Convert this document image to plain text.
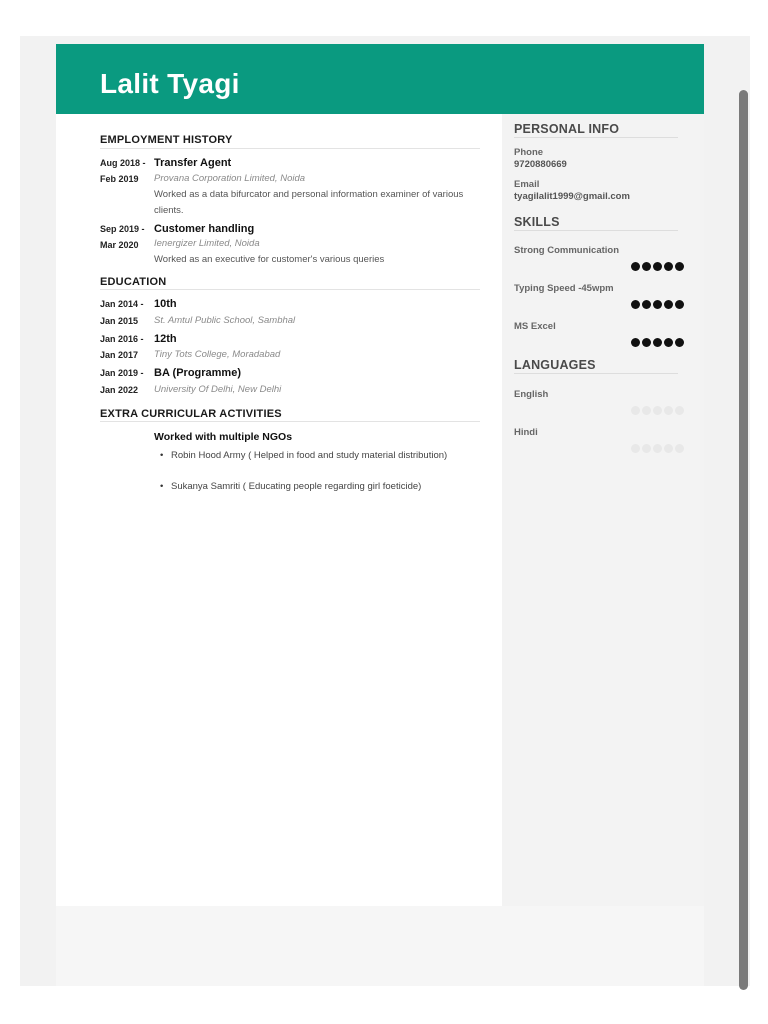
Lalit Tyagi
EMPLOYMENT HISTORY
Aug 2018 -
Feb 2019
Transfer Agent
Provana Corporation Limited, Noida
Worked as a data bifurcator and personal information examiner of various clients.
Sep 2019 -
Mar 2020
Customer handling
Ienergizer Limited, Noida
Worked as an executive for customer's various queries
EDUCATION
Jan 2014 -
Jan 2015
10th
St. Amtul Public School, Sambhal
Jan 2016 -
Jan 2017
12th
Tiny Tots College, Moradabad
Jan 2019 -
Jan 2022
BA (Programme)
University Of Delhi, New Delhi
EXTRA CURRICULAR ACTIVITIES
Worked with multiple NGOs
• Robin Hood Army ( Helped in food and study material distribution)
• Sukanya Samriti ( Educating people regarding girl foeticide)
PERSONAL INFO
Phone
9720880669
Email
tyagilalit1999@gmail.com
SKILLS
Strong Communication
Typing Speed -45wpm
MS Excel
LANGUAGES
English
Hindi
